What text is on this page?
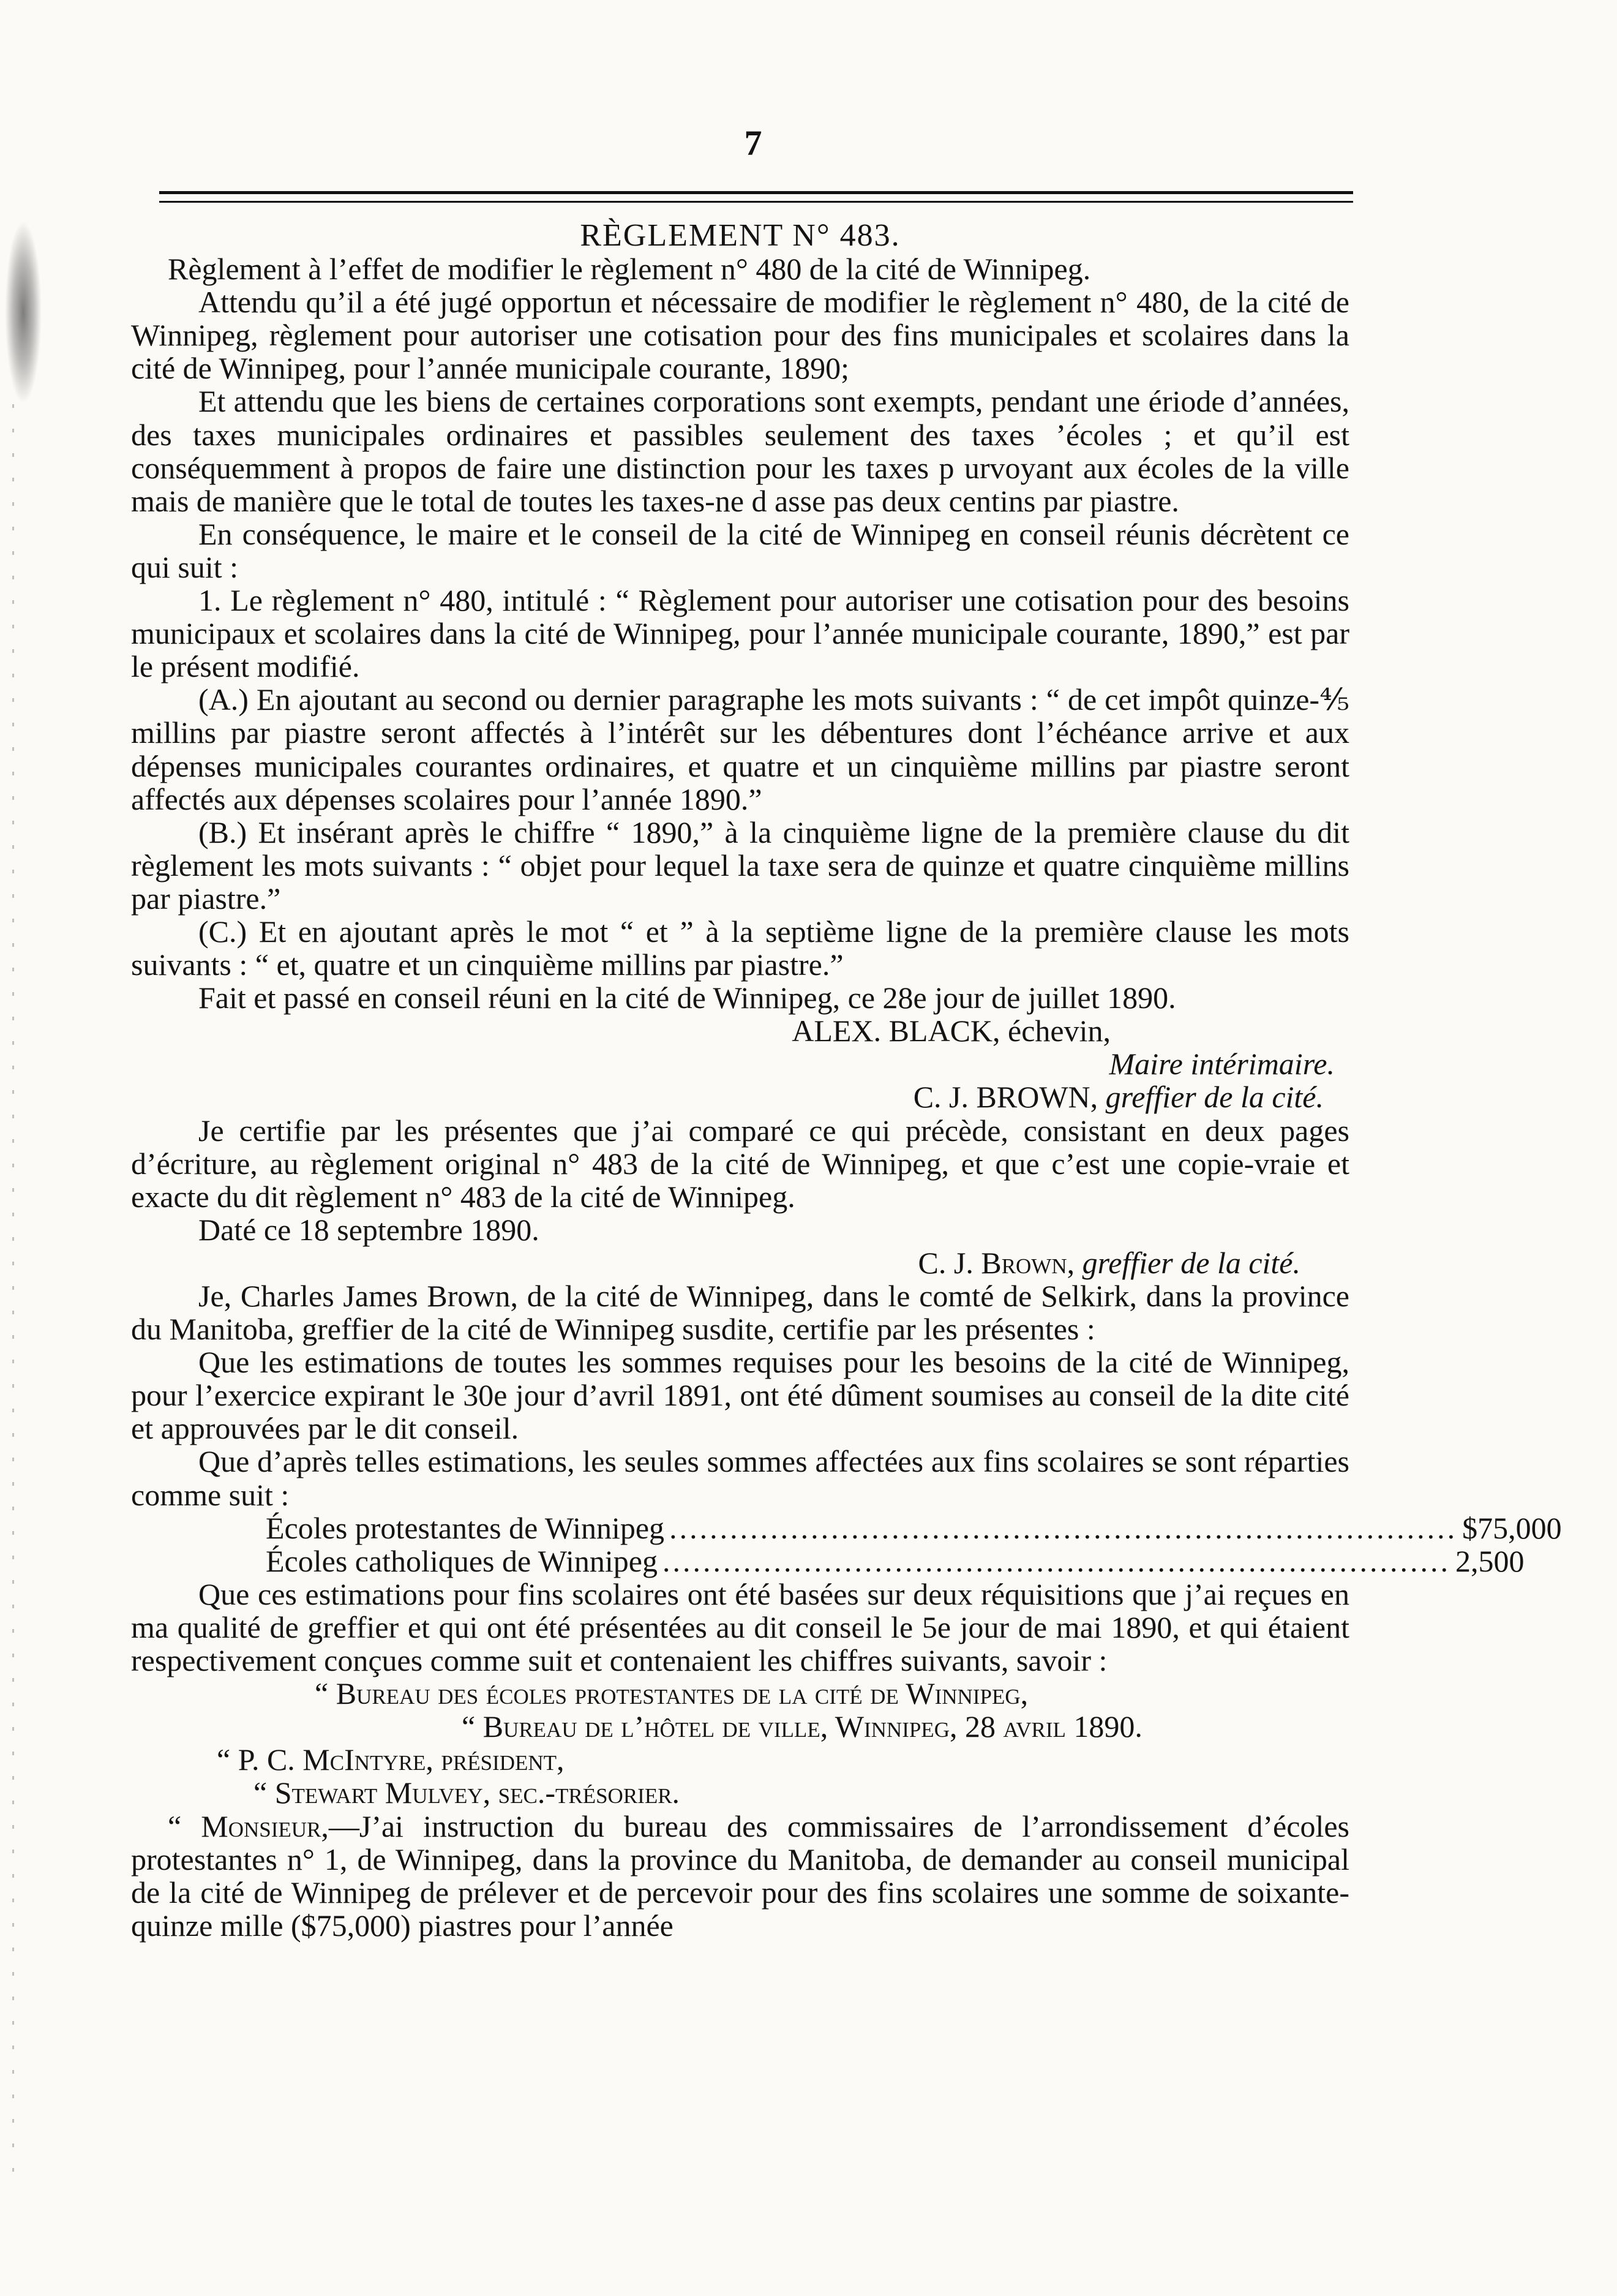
7

RÈGLEMENT N° 483.

Règlement à l’effet de modifier le règlement n° 480 de la cité de Winnipeg.

Attendu qu’il a été jugé opportun et nécessaire de modifier le règlement n° 480, de la cité de Winnipeg, règlement pour autoriser une cotisation pour des fins municipales et scolaires dans la cité de Winnipeg, pour l’année municipale courante, 1890;

Et attendu que les biens de certaines corporations sont exempts, pendant une ériode d’années, des taxes municipales ordinaires et passibles seulement des taxes ’écoles ; et qu’il est conséquemment à propos de faire une distinction pour les taxes p urvoyant aux écoles de la ville mais de manière que le total de toutes les taxes-ne d asse pas deux centins par piastre.

En conséquence, le maire et le conseil de la cité de Winnipeg en conseil réunis décrètent ce qui suit :

1. Le règlement n° 480, intitulé : “ Règlement pour autoriser une cotisation pour des besoins municipaux et scolaires dans la cité de Winnipeg, pour l’année municipale courante, 1890,” est par le présent modifié.

(A.) En ajoutant au second ou dernier paragraphe les mots suivants : “ de cet impôt quinze-⅘ millins par piastre seront affectés à l’intérêt sur les débentures dont l’échéance arrive et aux dépenses municipales courantes ordinaires, et quatre et un cinquième millins par piastre seront affectés aux dépenses scolaires pour l’année 1890.”

(B.) Et insérant après le chiffre “ 1890,” à la cinquième ligne de la première clause du dit règlement les mots suivants : “ objet pour lequel la taxe sera de quinze et quatre cinquième millins par piastre.”

(C.) Et en ajoutant après le mot “ et ” à la septième ligne de la première clause les mots suivants : “ et, quatre et un cinquième millins par piastre.”

Fait et passé en conseil réuni en la cité de Winnipeg, ce 28e jour de juillet 1890.

ALEX. BLACK, échevin,

Maire intérimaire.

C. J. BROWN, greffier de la cité.

Je certifie par les présentes que j’ai comparé ce qui précède, consistant en deux pages d’écriture, au règlement original n° 483 de la cité de Winnipeg, et que c’est une copie-vraie et exacte du dit règlement n° 483 de la cité de Winnipeg.

Daté ce 18 septembre 1890.

C. J. Brown, greffier de la cité.

Je, Charles James Brown, de la cité de Winnipeg, dans le comté de Selkirk, dans la province du Manitoba, greffier de la cité de Winnipeg susdite, certifie par les présentes :

Que les estimations de toutes les sommes requises pour les besoins de la cité de Winnipeg, pour l’exercice expirant le 30e jour d’avril 1891, ont été dûment soumises au conseil de la dite cité et approuvées par le dit conseil.

Que d’après telles estimations, les seules sommes affectées aux fins scolaires se sont réparties comme suit :

Écoles protestantes de Winnipeg .............................................................................. $75,000
Écoles catholiques de Winnipeg .............................................................................. 2,500

Que ces estimations pour fins scolaires ont été basées sur deux réquisitions que j’ai reçues en ma qualité de greffier et qui ont été présentées au dit conseil le 5e jour de mai 1890, et qui étaient respectivement conçues comme suit et contenaient les chiffres suivants, savoir :

“ Bureau des écoles protestantes de la cité de Winnipeg,

“ Bureau de l’hôtel de ville, Winnipeg, 28 avril 1890.

“ P. C. McIntyre, président,

“ Stewart Mulvey, sec.-trésorier.

“ Monsieur,—J’ai instruction du bureau des commissaires de l’arrondissement d’écoles protestantes n° 1, de Winnipeg, dans la province du Manitoba, de demander au conseil municipal de la cité de Winnipeg de prélever et de percevoir pour des fins scolaires une somme de soixante-quinze mille ($75,000) piastres pour l’année
